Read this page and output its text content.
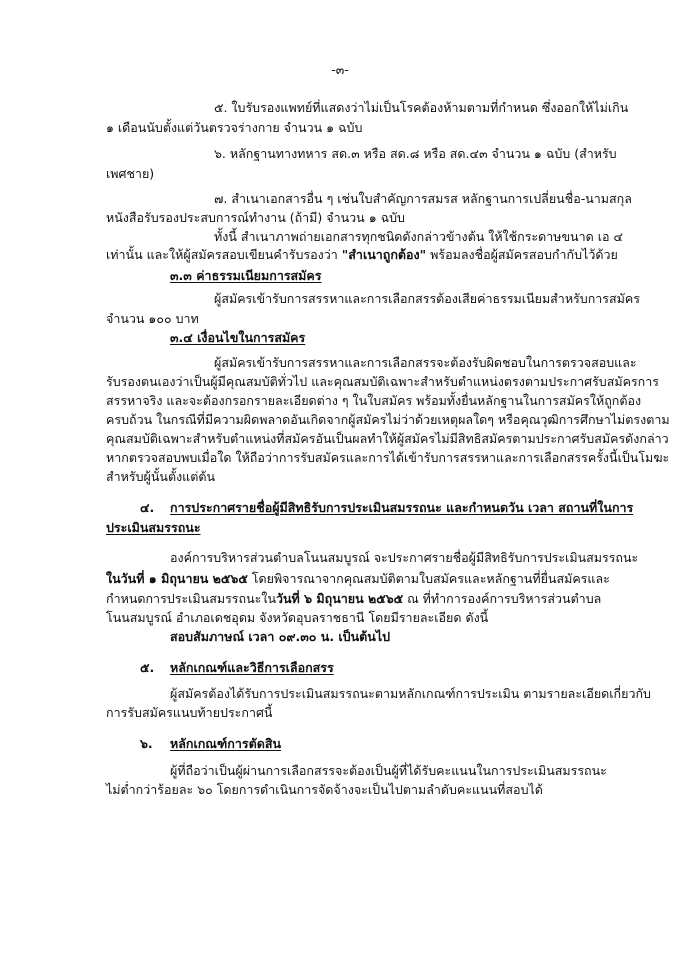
-๓-
๕. ใบรับรองแพทย์ที่แสดงว่าไม่เป็นโรคต้องห้ามตามที่กำหนด ซึ่งออกให้ไม่เกิน
๑ เดือนนับตั้งแต่วันตรวจร่างกาย จำนวน ๑ ฉบับ
๖. หลักฐานทางทหาร สด.๓ หรือ สด.๘ หรือ สด.๔๓ จำนวน ๑ ฉบับ (สำหรับ
เพศชาย)
๗. สำเนาเอกสารอื่น ๆ เช่นใบสำคัญการสมรส หลักฐานการเปลี่ยนชื่อ-นามสกุล
หนังสือรับรองประสบการณ์ทำงาน (ถ้ามี) จำนวน ๑ ฉบับ
ทั้งนี้ สำเนาภาพถ่ายเอกสารทุกชนิดดังกล่าวข้างต้น ให้ใช้กระดาษขนาด เอ ๔
เท่านั้น และให้ผู้สมัครสอบเขียนคำรับรองว่า "สำเนาถูกต้อง" พร้อมลงชื่อผู้สมัครสอบกำกับไว้ด้วย
๓.๓ ค่าธรรมเนียมการสมัคร
ผู้สมัครเข้ารับการสรรหาและการเลือกสรรต้องเสียค่าธรรมเนียมสำหรับการสมัคร
จำนวน ๑๐๐ บาท
๓.๔ เงื่อนไขในการสมัคร
ผู้สมัครเข้ารับการสรรหาและการเลือกสรรจะต้องรับผิดชอบในการตรวจสอบและ
รับรองตนเองว่าเป็นผู้มีคุณสมบัติทั่วไป และคุณสมบัติเฉพาะสำหรับตำแหน่งตรงตามประกาศรับสมัครการ
สรรหาจริง และจะต้องกรอกรายละเอียดต่าง ๆ ในใบสมัคร พร้อมทั้งยื่นหลักฐานในการสมัครให้ถูกต้อง
ครบถ้วน ในกรณีที่มีความผิดพลาดอันเกิดจากผู้สมัครไม่ว่าด้วยเหตุผลใดๆ หรือคุณวุฒิการศึกษาไม่ตรงตาม
คุณสมบัติเฉพาะสำหรับตำแหน่งที่สมัครอันเป็นผลทำให้ผู้สมัครไม่มีสิทธิสมัครตามประกาศรับสมัครดังกล่าว
หากตรวจสอบพบเมื่อใด ให้ถือว่าการรับสมัครและการได้เข้ารับการสรรหาและการเลือกสรรครั้งนี้เป็นโมฆะ
สำหรับผู้นั้นตั้งแต่ต้น
๔. การประกาศรายชื่อผู้มีสิทธิรับการประเมินสมรรถนะ และกำหนดวัน เวลา สถานที่ในการ
ประเมินสมรรถนะ
องค์การบริหารส่วนตำบลโนนสมบูรณ์ จะประกาศรายชื่อผู้มีสิทธิรับการประเมินสมรรถนะ
ในวันที่ ๑ มิถุนายน ๒๕๖๕ โดยพิจารณาจากคุณสมบัติตามใบสมัครและหลักฐานที่ยื่นสมัครและ
กำหนดการประเมินสมรรถนะในวันที่ ๖ มิถุนายน ๒๕๖๕ ณ ที่ทำการองค์การบริหารส่วนตำบล
โนนสมบูรณ์ อำเภอเดชอุดม จังหวัดอุบลราชธานี โดยมีรายละเอียด ดังนี้
สอบสัมภาษณ์ เวลา ๐๙.๓๐ น. เป็นต้นไป
๕. หลักเกณฑ์และวิธีการเลือกสรร
ผู้สมัครต้องได้รับการประเมินสมรรถนะตามหลักเกณฑ์การประเมิน ตามรายละเอียดเกี่ยวกับ
การรับสมัครแนบท้ายประกาศนี้
๖. หลักเกณฑ์การตัดสิน
ผู้ที่ถือว่าเป็นผู้ผ่านการเลือกสรรจะต้องเป็นผู้ที่ได้รับคะแนนในการประเมินสมรรถนะ
ไม่ต่ำกว่าร้อยละ ๖๐ โดยการดำเนินการจัดจ้างจะเป็นไปตามลำดับคะแนนที่สอบได้
